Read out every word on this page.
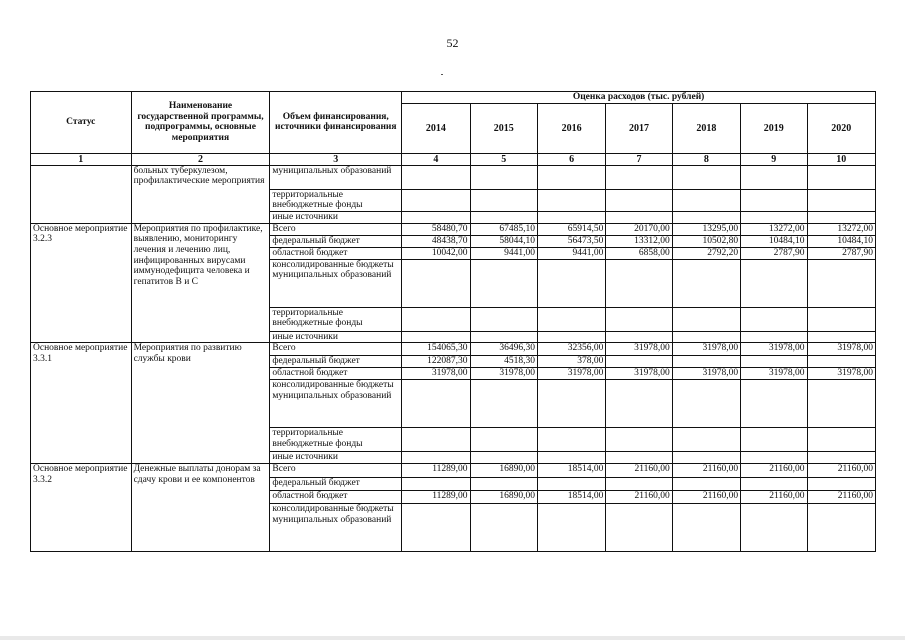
52
Статус	Наименование государственной программы, подпрограммы, основные мероприятия	Объем финансирования, источники финансирования	Оценка расходов (тыс. рублей)						
			2014	2015	2016	2017	2018	2019	2020
1	2	3	4	5	6	7	8	9	10
	больных туберкулезом, профилактические мероприятия	муниципальных образований							
		территориальные внебюджетные фонды							
		иные источники							
Основное мероприятие 3.2.3	Мероприятия по профилактике, выявлению, мониторингу лечения и лечению лиц, инфицированных вирусами иммунодефицита человека и гепатитов В и С	Всего	58480,70	67485,10	65914,50	20170,00	13295,00	13272,00	13272,00
		федеральный бюджет	48438,70	58044,10	56473,50	13312,00	10502,80	10484,10	10484,10
		областной бюджет	10042,00	9441,00	9441,00	6858,00	2792,20	2787,90	2787,90
		консолидированные бюджеты муниципальных образований							
		территориальные внебюджетные фонды							
		иные источники							
Основное мероприятие 3.3.1	Мероприятия по развитию службы крови	Всего	154065,30	36496,30	32356,00	31978,00	31978,00	31978,00	31978,00
		федеральный бюджет	122087,30	4518,30	378,00				
		областной бюджет	31978,00	31978,00	31978,00	31978,00	31978,00	31978,00	31978,00
		консолидированные бюджеты муниципальных образований							
		территориальные внебюджетные фонды							
		иные источники							
Основное мероприятие 3.3.2	Денежные выплаты донорам за сдачу крови и ее компонентов	Всего	11289,00	16890,00	18514,00	21160,00	21160,00	21160,00	21160,00
		федеральный бюджет							
		областной бюджет	11289,00	16890,00	18514,00	21160,00	21160,00	21160,00	21160,00
		консолидированные бюджеты муниципальных образований							
